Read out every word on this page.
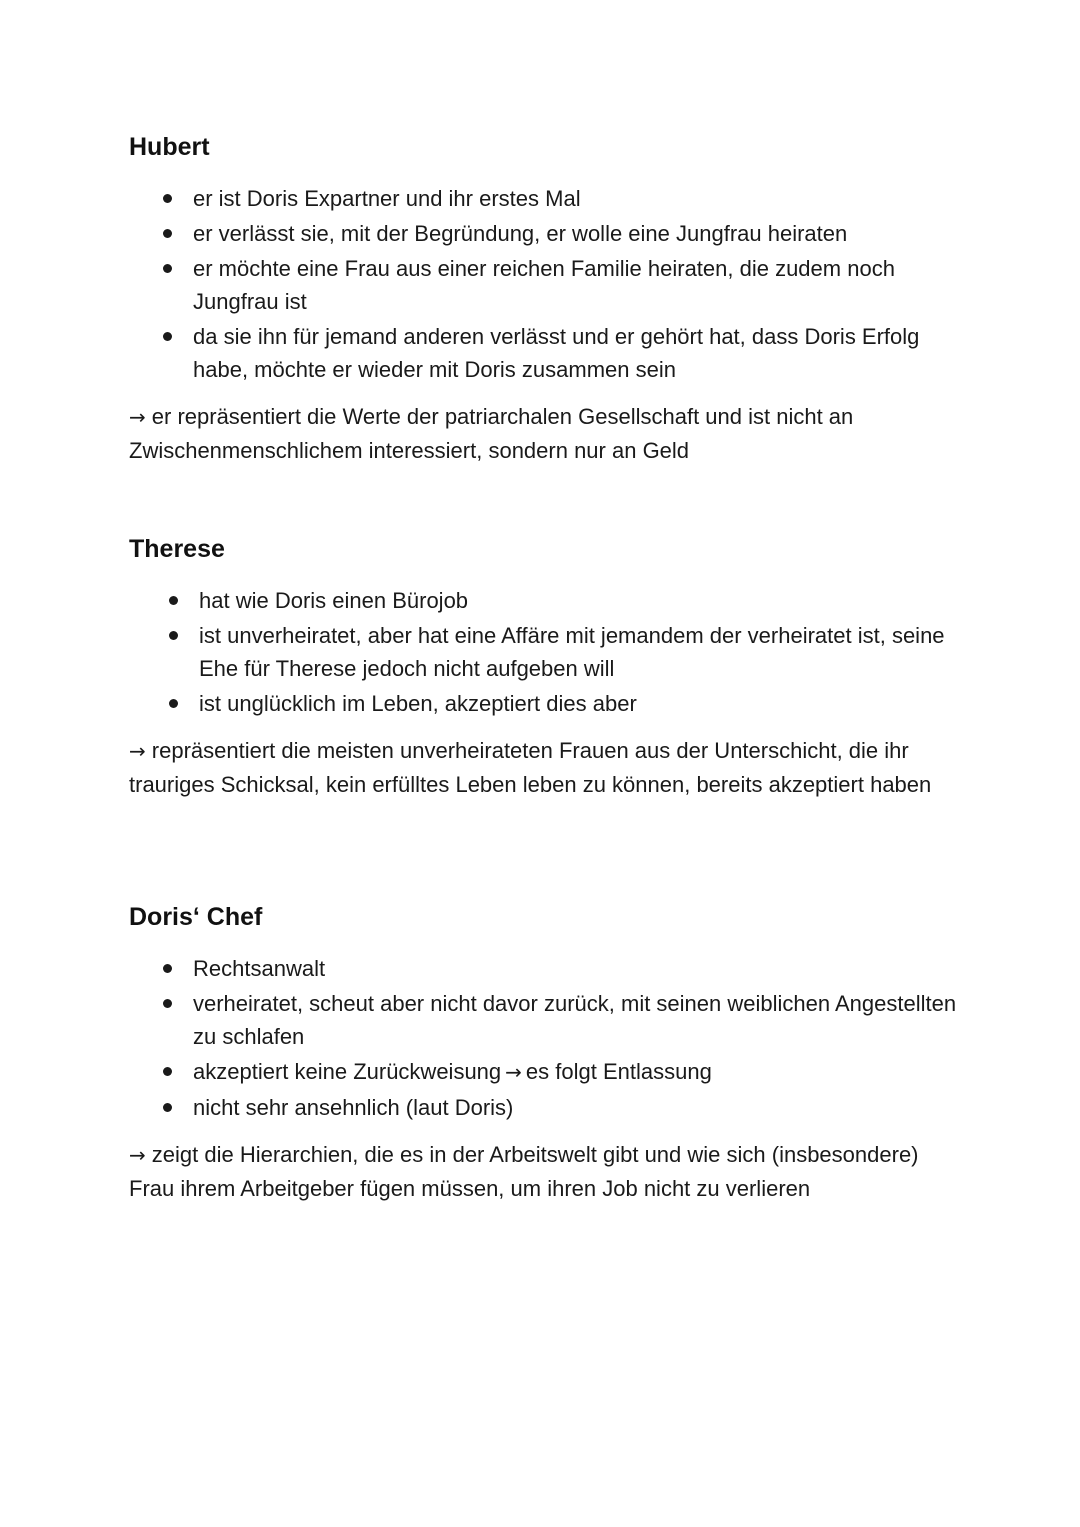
Hubert
er ist Doris Expartner und ihr erstes Mal
er verlässt sie, mit der Begründung, er wolle eine Jungfrau heiraten
er möchte eine Frau aus einer reichen Familie heiraten, die zudem noch Jungfrau ist
da sie ihn für jemand anderen verlässt und er gehört hat, dass Doris Erfolg habe, möchte er wieder mit Doris zusammen sein

→ er repräsentiert die Werte der patriarchalen Gesellschaft und ist nicht an Zwischenmenschlichem interessiert, sondern nur an Geld

Therese
hat wie Doris einen Bürojob
ist unverheiratet, aber hat eine Affäre mit jemandem der verheiratet ist, seine Ehe für Therese jedoch nicht aufgeben will
ist unglücklich im Leben, akzeptiert dies aber

→ repräsentiert die meisten unverheirateten Frauen aus der Unterschicht, die ihr trauriges Schicksal, kein erfülltes Leben leben zu können, bereits akzeptiert haben

Doris‘ Chef
Rechtsanwalt
verheiratet, scheut aber nicht davor zurück, mit seinen weiblichen Angestellten zu schlafen
akzeptiert keine Zurückweisung → es folgt Entlassung
nicht sehr ansehnlich (laut Doris)

→ zeigt die Hierarchien, die es in der Arbeitswelt gibt und wie sich (insbesondere) Frau ihrem Arbeitgeber fügen müssen, um ihren Job nicht zu verlieren
